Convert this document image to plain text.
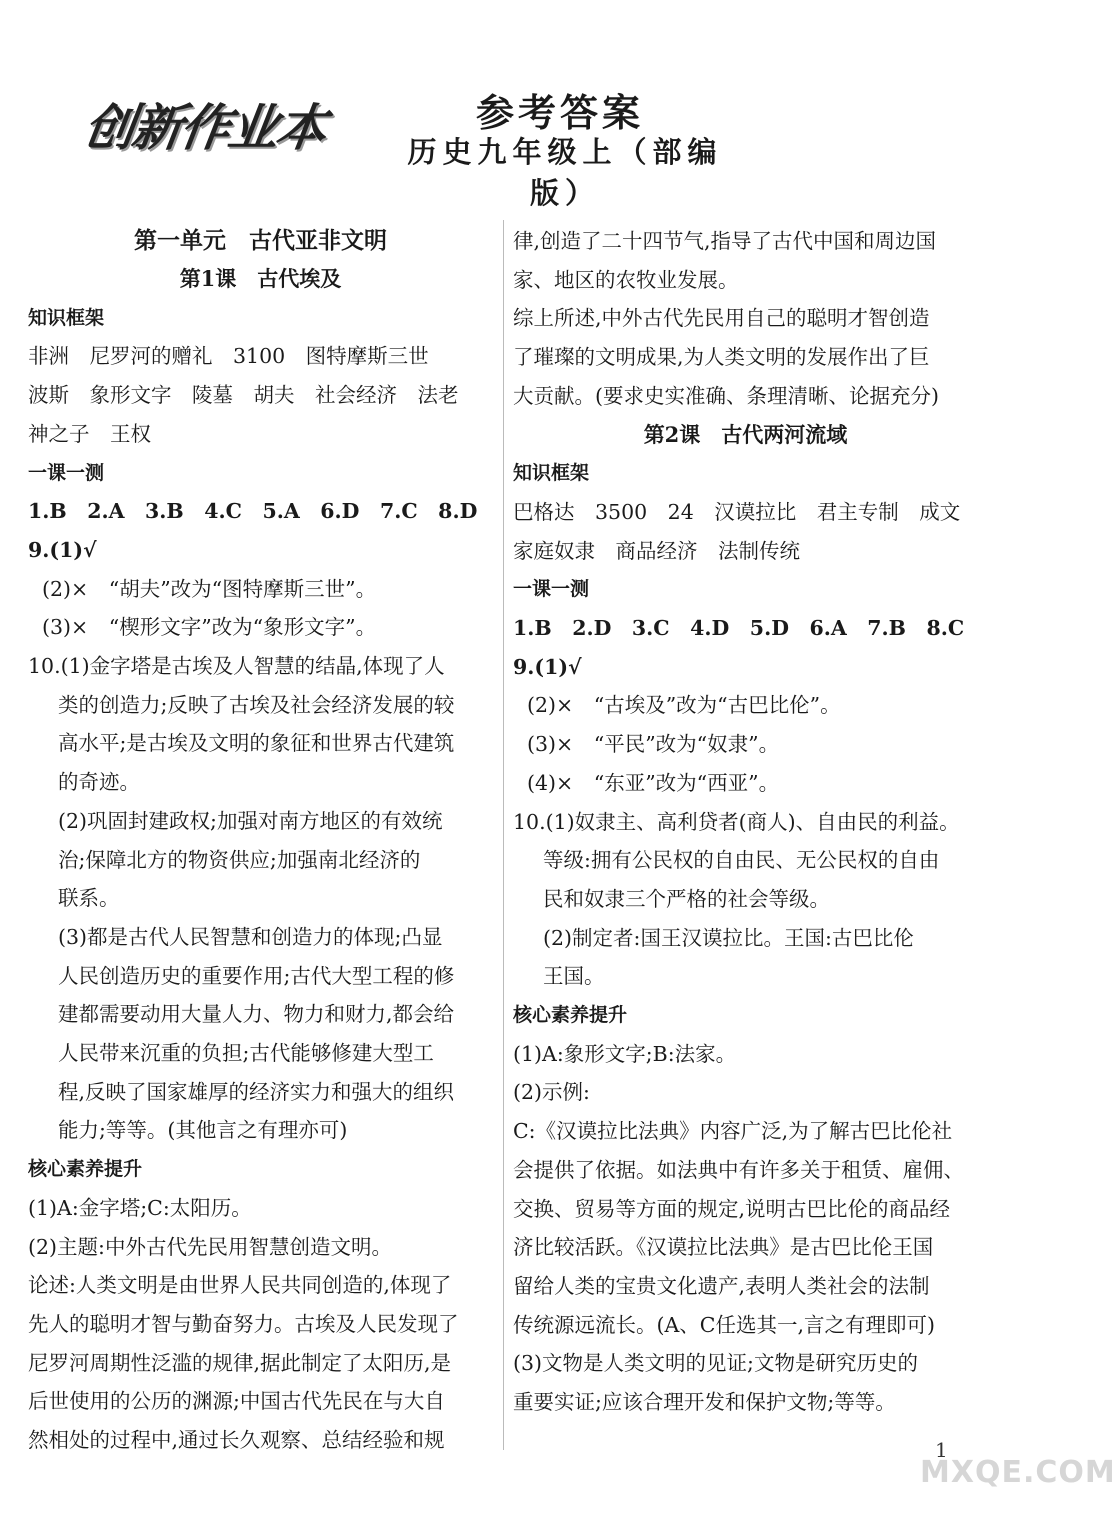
创新作业本	参考答案
历史九年级上（部编版）
第一单元　古代亚非文明
第1课　古代埃及
知识框架
非洲　尼罗河的赠礼　3100　图特摩斯三世
波斯　象形文字　陵墓　胡夫　社会经济　法老
神之子　王权
一课一测
1.B　2.A　3.B　4.C　5.A　6.D　7.C　8.D
9.(1)√
(2)×　“胡夫”改为“图特摩斯三世”。
(3)×　“楔形文字”改为“象形文字”。
10.(1)金字塔是古埃及人智慧的结晶,体现了人
类的创造力;反映了古埃及社会经济发展的较
高水平;是古埃及文明的象征和世界古代建筑
的奇迹。
(2)巩固封建政权;加强对南方地区的有效统
治;保障北方的物资供应;加强南北经济的
联系。
(3)都是古代人民智慧和创造力的体现;凸显
人民创造历史的重要作用;古代大型工程的修
建都需要动用大量人力、物力和财力,都会给
人民带来沉重的负担;古代能够修建大型工
程,反映了国家雄厚的经济实力和强大的组织
能力;等等。(其他言之有理亦可)
核心素养提升
(1)A:金字塔;C:太阳历。
(2)主题:中外古代先民用智慧创造文明。
论述:人类文明是由世界人民共同创造的,体现了
先人的聪明才智与勤奋努力。古埃及人民发现了
尼罗河周期性泛滥的规律,据此制定了太阳历,是
后世使用的公历的渊源;中国古代先民在与大自
然相处的过程中,通过长久观察、总结经验和规
律,创造了二十四节气,指导了古代中国和周边国
家、地区的农牧业发展。
综上所述,中外古代先民用自己的聪明才智创造
了璀璨的文明成果,为人类文明的发展作出了巨
大贡献。(要求史实准确、条理清晰、论据充分)
第2课　古代两河流域
知识框架
巴格达　3500　24　汉谟拉比　君主专制　成文
家庭奴隶　商品经济　法制传统
一课一测
1.B　2.D　3.C　4.D　5.D　6.A　7.B　8.C
9.(1)√
(2)×　“古埃及”改为“古巴比伦”。
(3)×　“平民”改为“奴隶”。
(4)×　“东亚”改为“西亚”。
10.(1)奴隶主、高利贷者(商人)、自由民的利益。
等级:拥有公民权的自由民、无公民权的自由
民和奴隶三个严格的社会等级。
(2)制定者:国王汉谟拉比。王国:古巴比伦
王国。
核心素养提升
(1)A:象形文字;B:法家。
(2)示例:
C:《汉谟拉比法典》内容广泛,为了解古巴比伦社
会提供了依据。如法典中有许多关于租赁、雇佣、
交换、贸易等方面的规定,说明古巴比伦的商品经
济比较活跃。《汉谟拉比法典》是古巴比伦王国
留给人类的宝贵文化遗产,表明人类社会的法制
传统源远流长。(A、C任选其一,言之有理即可)
(3)文物是人类文明的见证;文物是研究历史的
重要实证;应该合理开发和保护文物;等等。
1
MXQE.COM
